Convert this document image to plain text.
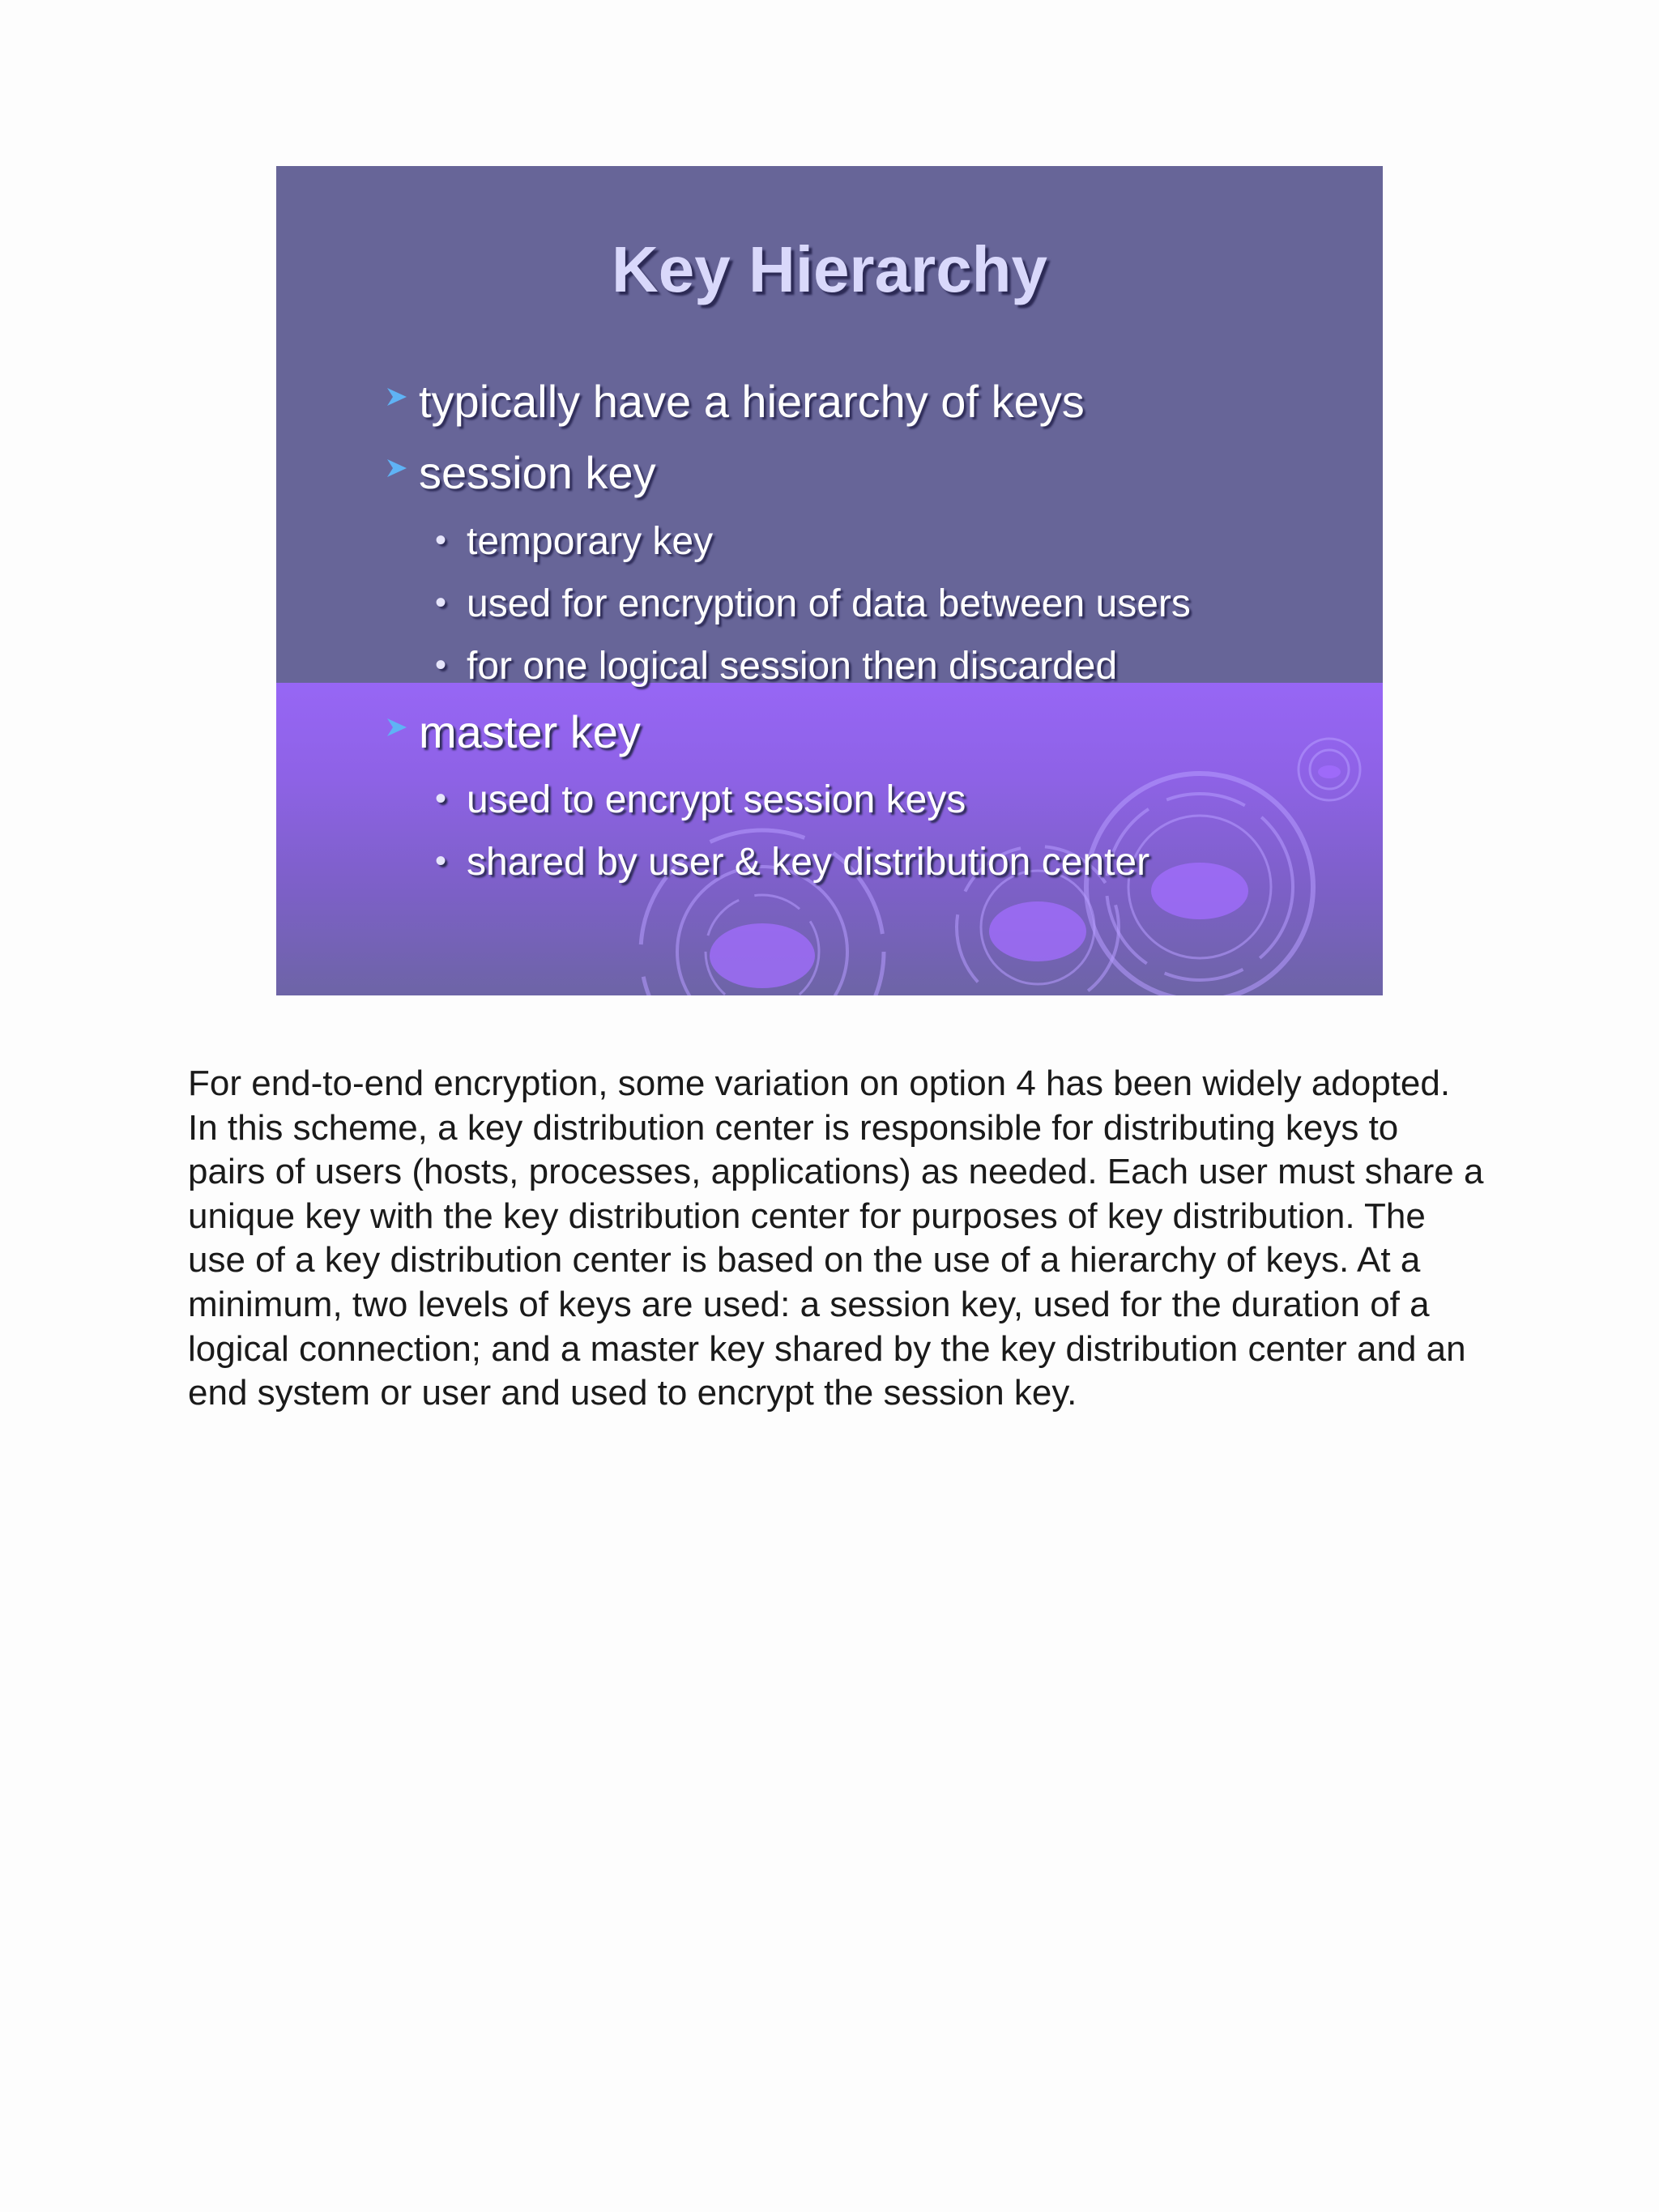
Key Hierarchy
typically have a hierarchy of keys
session key
• temporary key
• used for encryption of data between users
• for one logical session then discarded
master key
• used to encrypt session keys
• shared by user & key distribution center

For end-to-end encryption, some variation on option 4 has been widely adopted. In this scheme, a key distribution center is responsible for distributing keys to pairs of users (hosts, processes, applications) as needed. Each user must share a unique key with the key distribution center for purposes of key distribution. The use of a key distribution center is based on the use of a hierarchy of keys. At a minimum, two levels of keys are used: a session key, used for the duration of a logical connection; and a master key shared by the key distribution center and an end system or user and used to encrypt the session key.
